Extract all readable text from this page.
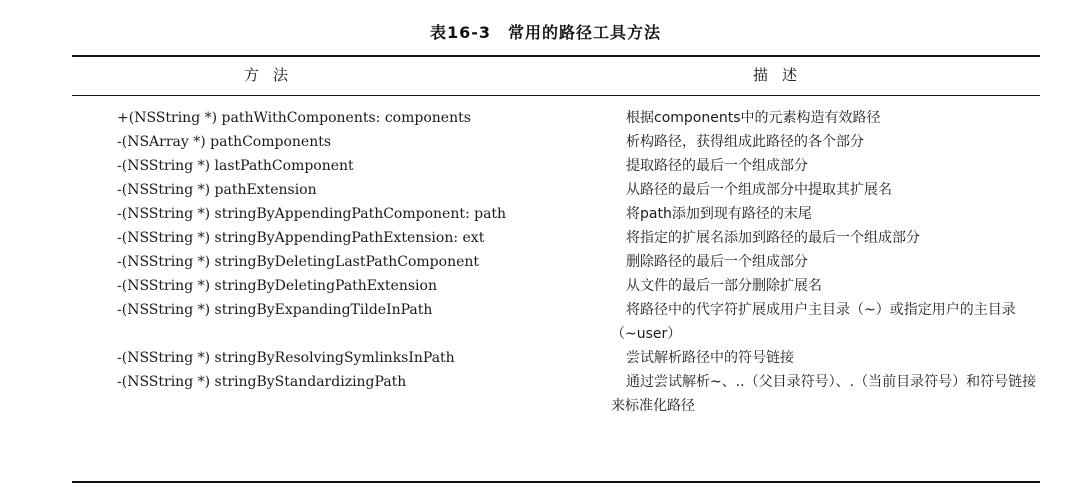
表16-3　常用的路径工具方法
方法	描述
+(NSString *) pathWithComponents: components	根据components中的元素构造有效路径
-(NSArray *) pathComponents	析构路径，获得组成此路径的各个部分
-(NSString *) lastPathComponent	提取路径的最后一个组成部分
-(NSString *) pathExtension	从路径的最后一个组成部分中提取其扩展名
-(NSString *) stringByAppendingPathComponent: path	将path添加到现有路径的末尾
-(NSString *) stringByAppendingPathExtension: ext	将指定的扩展名添加到路径的最后一个组成部分
-(NSString *) stringByDeletingLastPathComponent	删除路径的最后一个组成部分
-(NSString *) stringByDeletingPathExtension	从文件的最后一部分删除扩展名
-(NSString *) stringByExpandingTildeInPath	将路径中的代字符扩展成用户主目录（~）或指定用户的主目录（~user）
-(NSString *) stringByResolvingSymlinksInPath	尝试解析路径中的符号链接
-(NSString *) stringByStandardizingPath	通过尝试解析~、..（父目录符号）、.（当前目录符号）和符号链接来标准化路径
